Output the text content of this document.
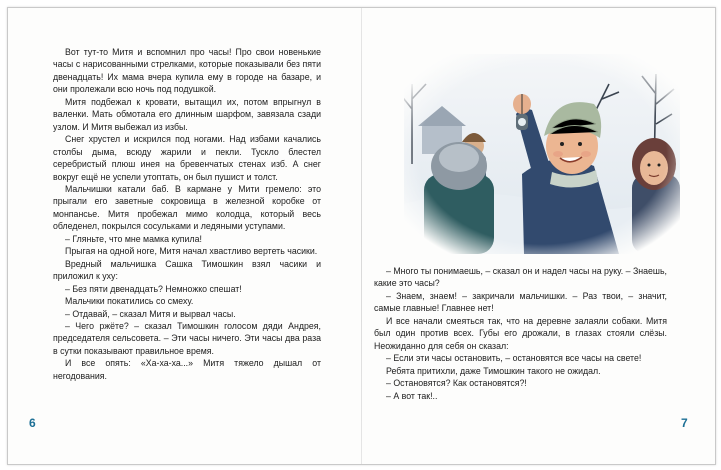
Вот тут-то Митя и вспомнил про часы! Про свои новенькие часы с нарисованными стрелками, которые показывали без пяти двенадцать! Их мама вчера купила ему в городе на базаре, и они пролежали всю ночь под подушкой.

Митя подбежал к кровати, вытащил их, потом впрыгнул в валенки. Мать обмотала его длинным шарфом, завязала сзади узлом. И Митя выбежал из избы.

Снег хрустел и искрился под ногами. Над избами качались столбы дыма, всюду жарили и пекли. Тускло блестел серебристый плюш инея на бревенчатых стенах изб. А снег вокруг ещё не успели утоптать, он был пушист и толст.

Мальчишки катали баб. В кармане у Мити гремело: это прыгали его заветные сокровища в железной коробке от монпансье. Митя пробежал мимо колодца, который весь обледенел, покрылся сосульками и ледяными уступами.

– Гляньте, что мне мамка купила!

Прыгая на одной ноге, Митя начал хвастливо вертеть часики.

Вредный мальчишка Сашка Тимошкин взял часики и приложил к уху:

– Без пяти двенадцать? Немножко спешат!

Мальчики покатились со смеху.

– Отдавай, – сказал Митя и вырвал часы.

– Чего ржёте? – сказал Тимошкин голосом дяди Андрея, председателя сельсовета. – Эти часы ничего. Эти часы два раза в сутки показывают правильное время.

И все опять: «Ха-ха-ха...» Митя тяжело дышал от негодования.

6

– Много ты понимаешь, – сказал он и надел часы на руку. – Знаешь, какие это часы?

– Знаем, знаем! – закричали мальчишки. – Раз твои, – значит, самые главные! Главнее нет!

И все начали смеяться так, что на деревне залаяли собаки. Митя был один против всех. Губы его дрожали, в глазах стояли слёзы. Неожиданно для себя он сказал:

– Если эти часы остановить, – остановятся все часы на свете!

Ребята притихли, даже Тимошкин такого не ожидал.

– Остановятся? Как остановятся?!

– А вот так!..

7
